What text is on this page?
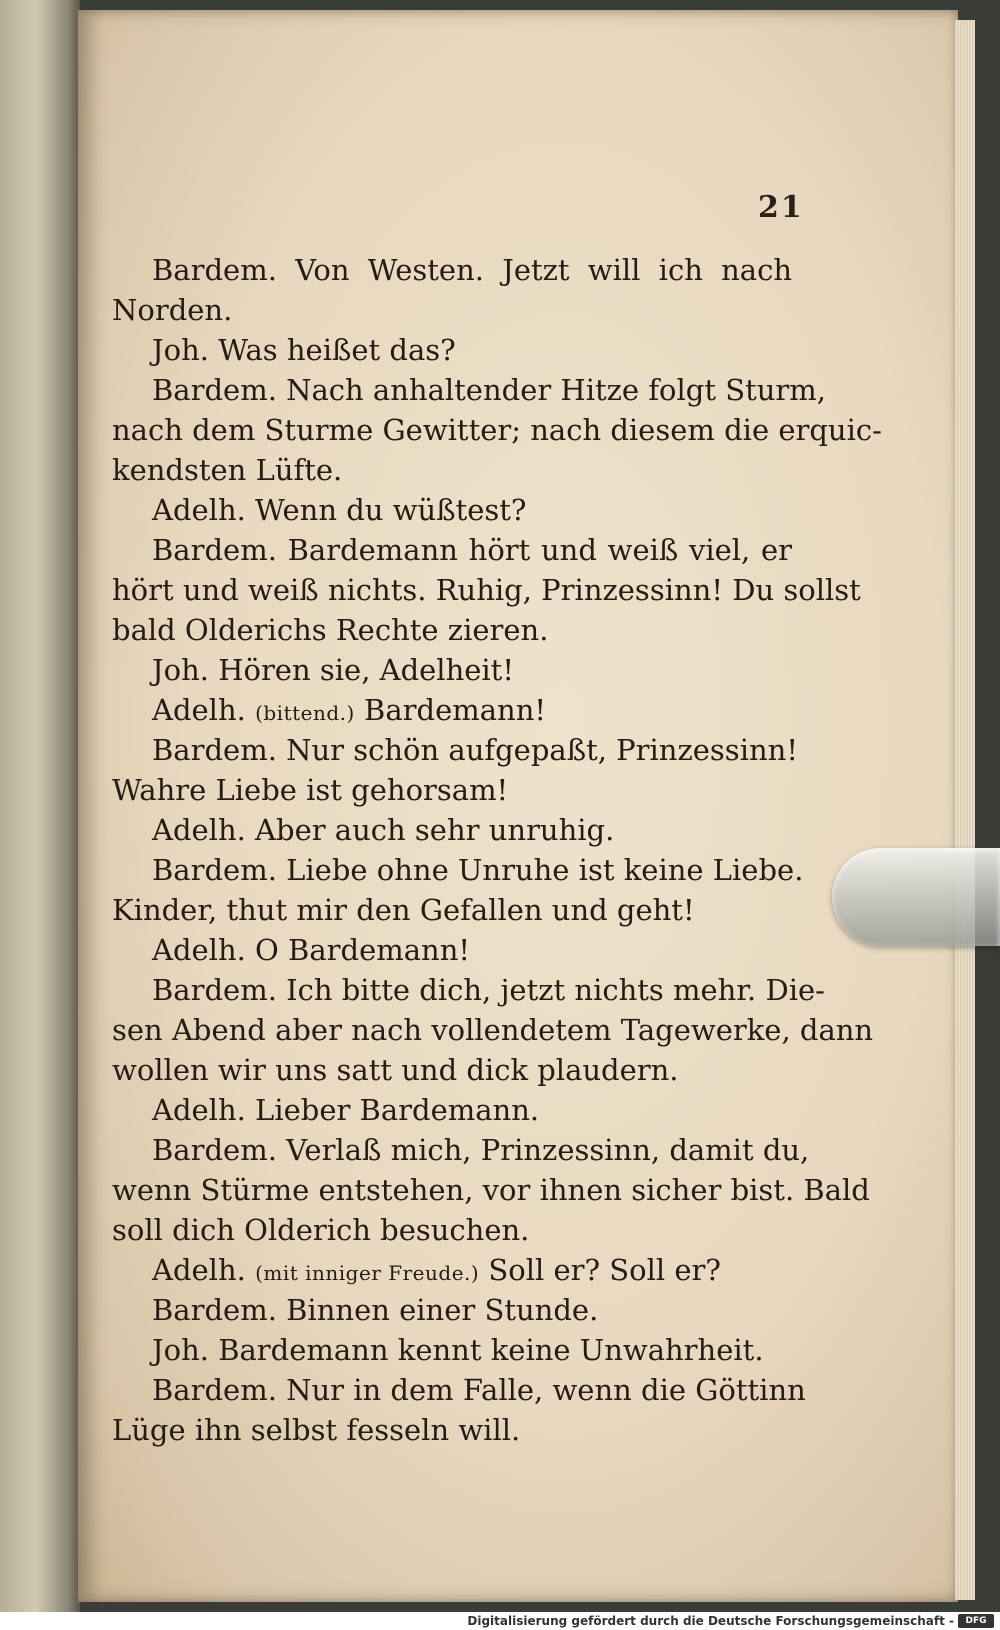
21
Bardem. Von Westen. Jetzt will ich nach
Norden.
Joh. Was heißet das?
Bardem. Nach anhaltender Hitze folgt Sturm,
nach dem Sturme Gewitter; nach diesem die erquic-
kendsten Lüfte.
Adelh. Wenn du wüßtest?
Bardem. Bardemann hört und weiß viel, er
hört und weiß nichts. Ruhig, Prinzessinn! Du sollst
bald Olderichs Rechte zieren.
Joh. Hören sie, Adelheit!
Adelh. (bittend.) Bardemann!
Bardem. Nur schön aufgepaßt, Prinzessinn!
Wahre Liebe ist gehorsam!
Adelh. Aber auch sehr unruhig.
Bardem. Liebe ohne Unruhe ist keine Liebe.
Kinder, thut mir den Gefallen und geht!
Adelh. O Bardemann!
Bardem. Ich bitte dich, jetzt nichts mehr. Die-
sen Abend aber nach vollendetem Tagewerke, dann
wollen wir uns satt und dick plaudern.
Adelh. Lieber Bardemann.
Bardem. Verlaß mich, Prinzessinn, damit du,
wenn Stürme entstehen, vor ihnen sicher bist. Bald
soll dich Olderich besuchen.
Adelh. (mit inniger Freude.) Soll er? Soll er?
Bardem. Binnen einer Stunde.
Joh. Bardemann kennt keine Unwahrheit.
Bardem. Nur in dem Falle, wenn die Göttinn
Lüge ihn selbst fesseln will.
Digitalisierung gefördert durch die Deutsche Forschungsgemeinschaft -	DFG
